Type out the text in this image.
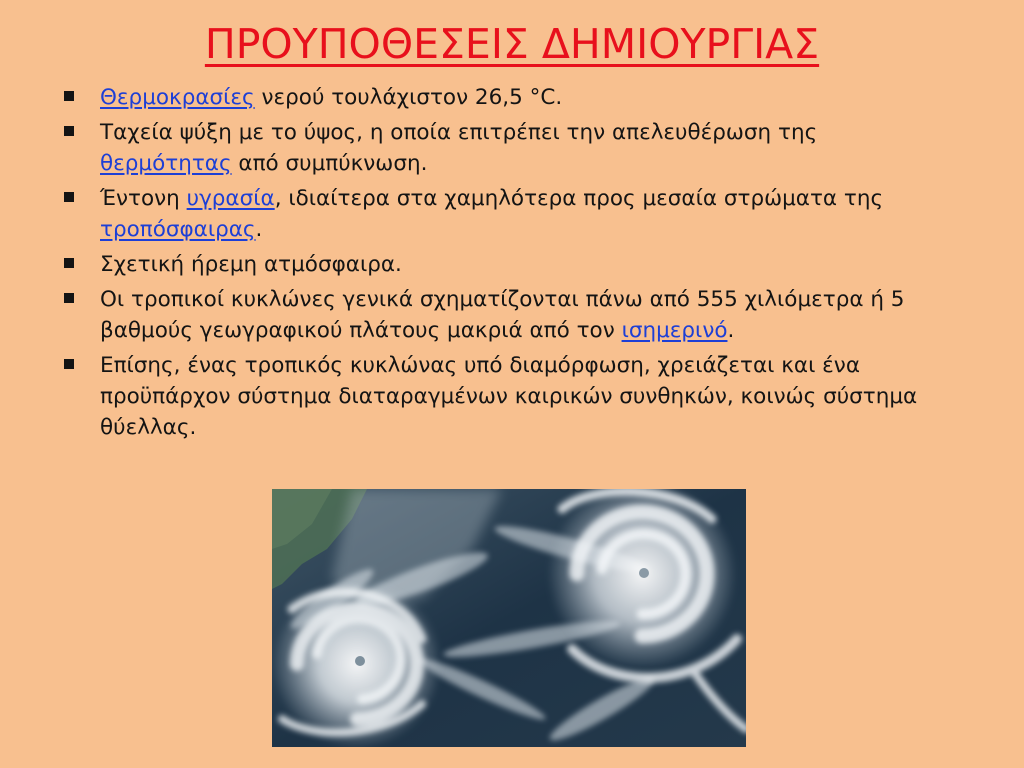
ΠΡΟΥΠΟΘΕΣΕΙΣ ΔΗΜΙΟΥΡΓΙΑΣ
Θερμοκρασίες νερού τουλάχιστον 26,5 °C.
Ταχεία ψύξη με το ύψος, η οποία επιτρέπει την απελευθέρωση της θερμότητας από συμπύκνωση.
Έντονη υγρασία, ιδιαίτερα στα χαμηλότερα προς μεσαία στρώματα της τροπόσφαιρας.
Σχετική ήρεμη ατμόσφαιρα.
Οι τροπικοί κυκλώνες γενικά σχηματίζονται πάνω από 555 χιλιόμετρα ή 5 βαθμούς γεωγραφικού πλάτους μακριά από τον ισημερινό.
Επίσης, ένας τροπικός κυκλώνας υπό διαμόρφωση, χρειάζεται και ένα προϋπάρχον σύστημα διαταραγμένων καιρικών συνθηκών, κοινώς σύστημα θύελλας.
